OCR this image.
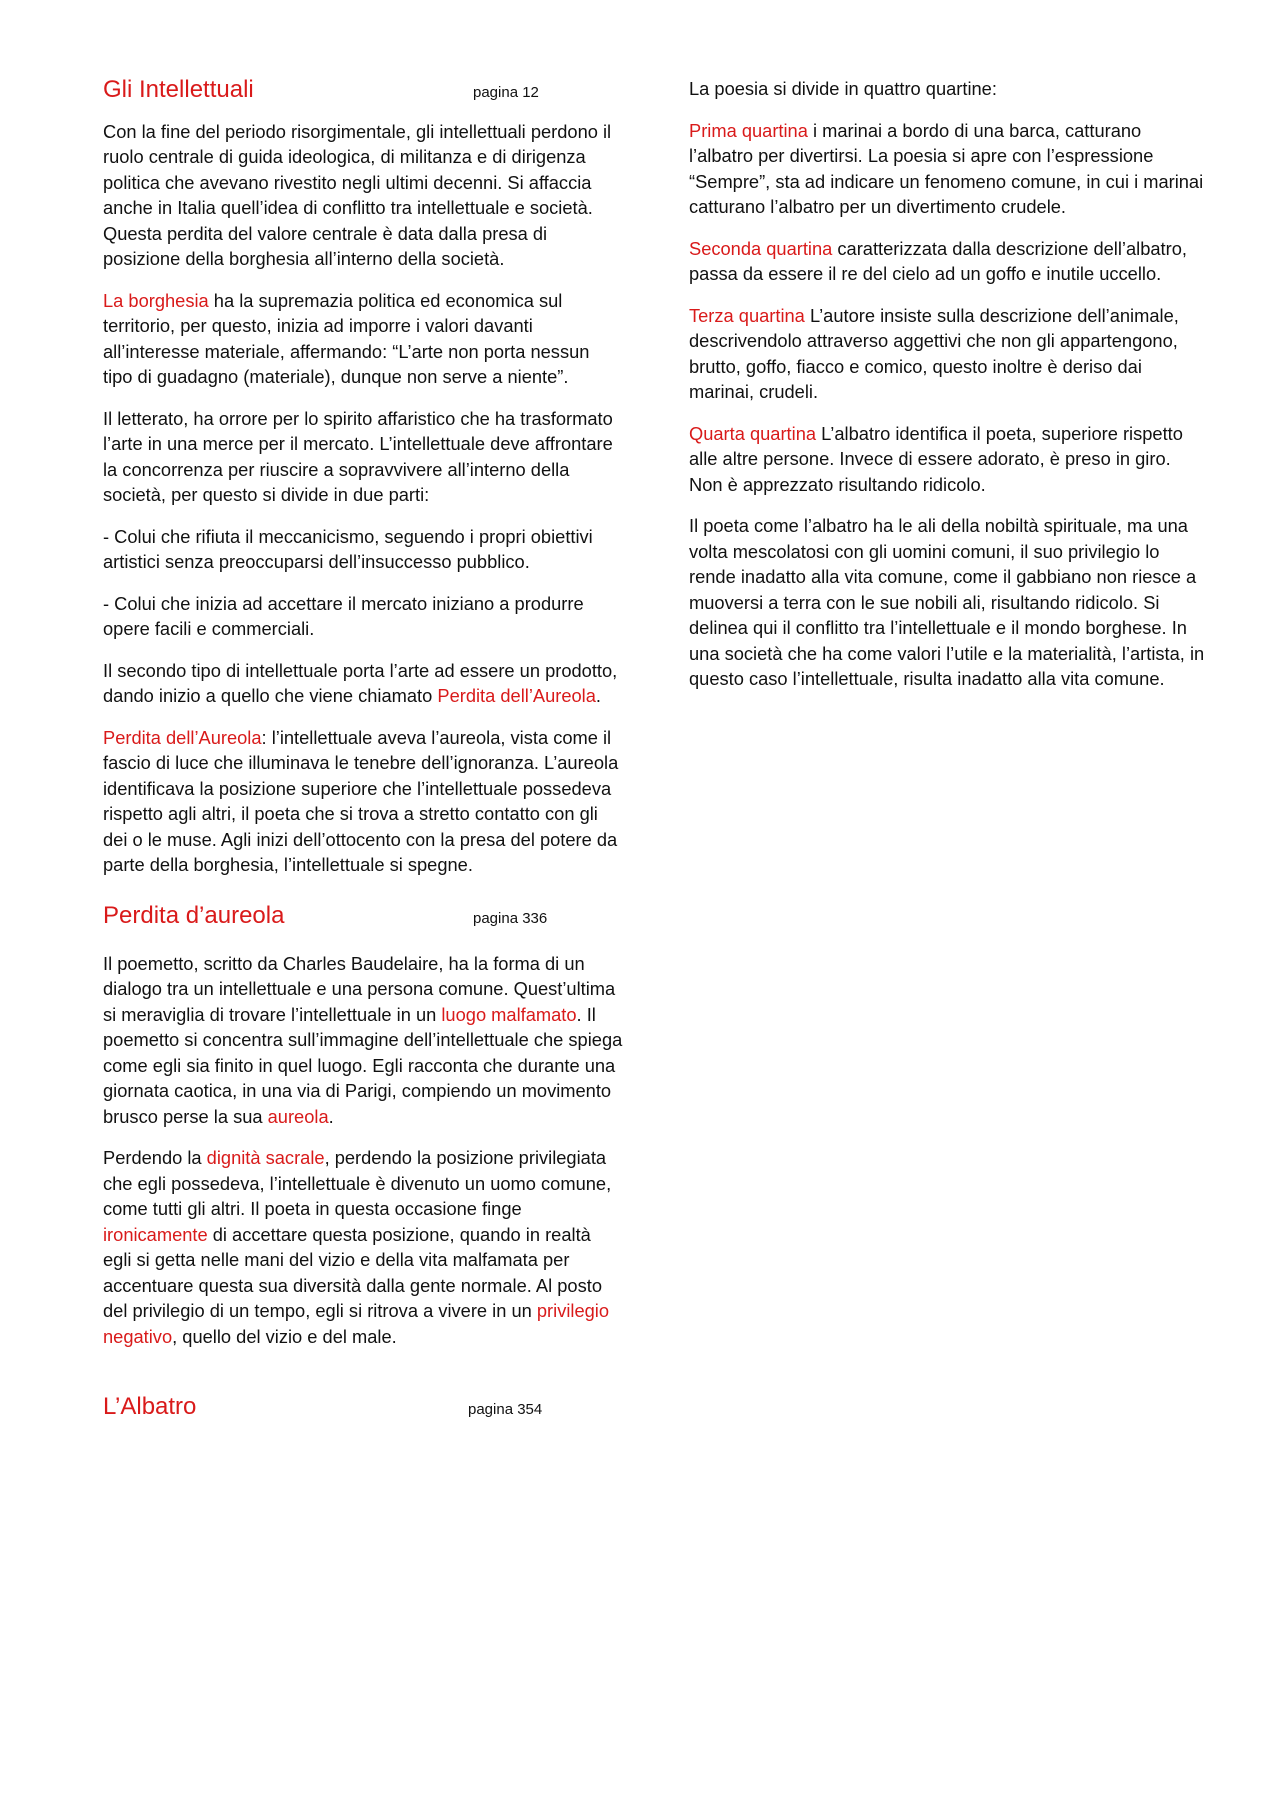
Gli Intellettuali	pagina 12

Con la fine del periodo risorgimentale, gli intellettuali perdono il ruolo centrale di guida ideologica, di militanza e di dirigenza politica che avevano rivestito negli ultimi decenni. Si affaccia anche in Italia quell’idea di conflitto tra intellettuale e società. Questa perdita del valore centrale è data dalla presa di posizione della borghesia all’interno della società.

La borghesia ha la supremazia politica ed economica sul territorio, per questo, inizia ad imporre i valori davanti all’interesse materiale, affermando: “L’arte non porta nessun tipo di guadagno (materiale), dunque non serve a niente”.

Il letterato, ha orrore per lo spirito affaristico che ha trasformato l’arte in una merce per il mercato. L’intellettuale deve affrontare la concorrenza per riuscire a sopravvivere all’interno della società, per questo si divide in due parti:

- Colui che rifiuta il meccanicismo, seguendo i propri obiettivi artistici senza preoccuparsi dell’insuccesso pubblico.

- Colui che inizia ad accettare il mercato iniziano a produrre opere facili e commerciali.

Il secondo tipo di intellettuale porta l’arte ad essere un prodotto, dando inizio a quello che viene chiamato Perdita dell’Aureola.

Perdita dell’Aureola: l’intellettuale aveva l’aureola, vista come il fascio di luce che illuminava le tenebre dell’ignoranza. L’aureola identificava la posizione superiore che l’intellettuale possedeva rispetto agli altri, il poeta che si trova a stretto contatto con gli dei o le muse. Agli inizi dell’ottocento con la presa del potere da parte della borghesia, l’intellettuale si spegne.

Perdita d’aureola	pagina 336

Il poemetto, scritto da Charles Baudelaire, ha la forma di un dialogo tra un intellettuale e una persona comune. Quest’ultima si meraviglia di trovare l’intellettuale in un luogo malfamato. Il poemetto si concentra sull’immagine dell’intellettuale che spiega come egli sia finito in quel luogo. Egli racconta che durante una giornata caotica, in una via di Parigi, compiendo un movimento brusco perse la sua aureola.

Perdendo la dignità sacrale, perdendo la posizione privilegiata che egli possedeva, l’intellettuale è divenuto un uomo comune, come tutti gli altri. Il poeta in questa occasione finge ironicamente di accettare questa posizione, quando in realtà egli si getta nelle mani del vizio e della vita malfamata per accentuare questa sua diversità dalla gente normale. Al posto del privilegio di un tempo, egli si ritrova a vivere in un privilegio negativo, quello del vizio e del male.

L’Albatro	pagina 354

La poesia si divide in quattro quartine:

Prima quartina i marinai a bordo di una barca, catturano l’albatro per divertirsi. La poesia si apre con l’espressione “Sempre”, sta ad indicare un fenomeno comune, in cui i marinai catturano l’albatro per un divertimento crudele.

Seconda quartina caratterizzata dalla descrizione dell’albatro, passa da essere il re del cielo ad un goffo e inutile uccello.

Terza quartina L’autore insiste sulla descrizione dell’animale, descrivendolo attraverso aggettivi che non gli appartengono, brutto, goffo, fiacco e comico, questo inoltre è deriso dai marinai, crudeli.

Quarta quartina L’albatro identifica il poeta, superiore rispetto alle altre persone. Invece di essere adorato, è preso in giro. Non è apprezzato risultando ridicolo.

Il poeta come l’albatro ha le ali della nobiltà spirituale, ma una volta mescolatosi con gli uomini comuni, il suo privilegio lo rende inadatto alla vita comune, come il gabbiano non riesce a muoversi a terra con le sue nobili ali, risultando ridicolo. Si delinea qui il conflitto tra l’intellettuale e il mondo borghese. In una società che ha come valori l’utile e la materialità, l’artista, in questo caso l’intellettuale, risulta inadatto alla vita comune.
